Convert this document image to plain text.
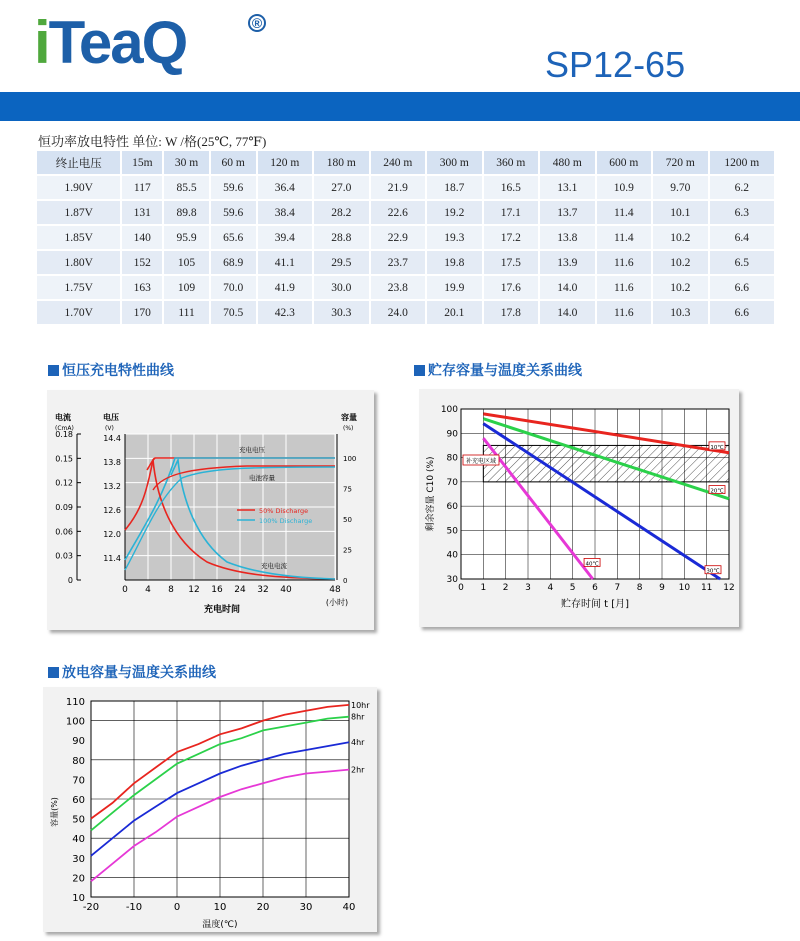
iTeaQ	®
SP12-65
恒功率放电特性 单位: W /格(25℃, 77℉)
终止电压	15m	30 m	60 m	120 m	180 m	240 m	300 m	360 m	480 m	600 m	720 m	1200 m
1.90V	117	85.5	59.6	36.4	27.0	21.9	18.7	16.5	13.1	10.9	9.70	6.2
1.87V	131	89.8	59.6	38.4	28.2	22.6	19.2	17.1	13.7	11.4	10.1	6.3
1.85V	140	95.9	65.6	39.4	28.8	22.9	19.3	17.2	13.8	11.4	10.2	6.4
1.80V	152	105	68.9	41.1	29.5	23.7	19.8	17.5	13.9	11.6	10.2	6.5
1.75V	163	109	70.0	41.9	30.0	23.8	19.9	17.6	14.0	11.6	10.2	6.6
1.70V	170	111	70.5	42.3	30.3	24.0	20.1	17.8	14.0	11.6	10.3	6.6
恒压充电特性曲线	贮存容量与温度关系曲线
放电容量与温度关系曲线
0
0.03
0.06
0.09
0.12
0.15
0.18
电流
(CmA)
11.4
12.0
12.6
13.2
13.8
14.4
电压
(V)
0
25
50
75
100
容量
(%)
0 4 8 12 16 24 32 40	48
充电时间
(小时)
充电电压
电池容量
充电电流
50% Discharge
100% Discharge
0 1 2 3 4 5 6 7 8 9 10 11 12
30
40
50
60
70
80
90
100
贮存时间 t [月]
剩余容量 C10 (%)
10℃
20℃
30℃
40℃
补充电区域
-20	-10	0	10	20	30	40
10
20
30
40
50
60
70
80
90
100
110
温度(℃)
容量(%)
10hr
8hr
4hr
2hr
